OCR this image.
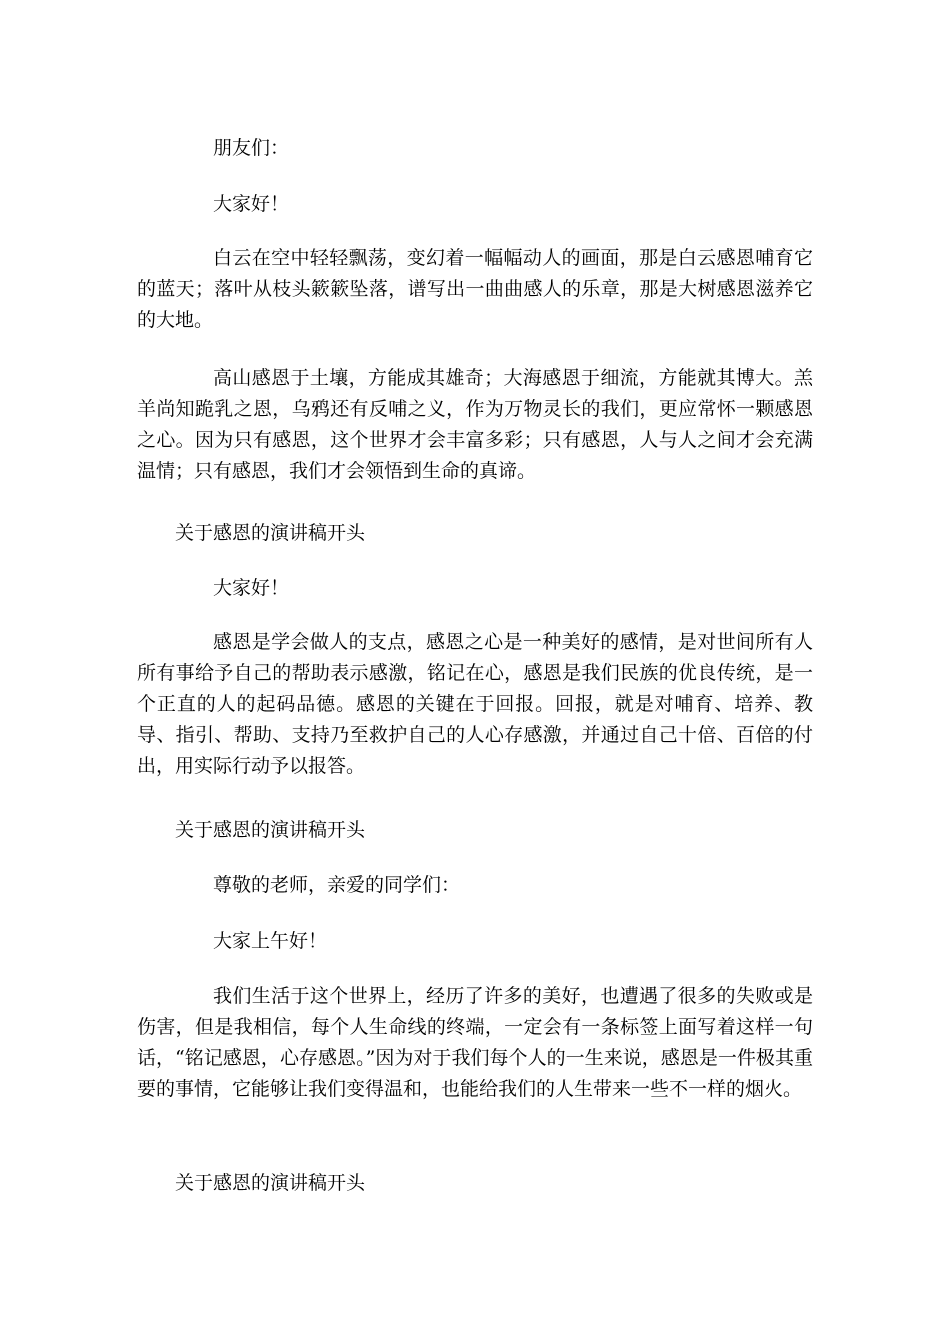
朋友们：

大家好！

白云在空中轻轻飘荡，变幻着一幅幅动人的画面，那是白云感恩哺育它的蓝天；落叶从枝头簌簌坠落，谱写出一曲曲感人的乐章，那是大树感恩滋养它的大地。

高山感恩于土壤，方能成其雄奇；大海感恩于细流，方能就其博大。羔羊尚知跪乳之恩，乌鸦还有反哺之义，作为万物灵长的我们，更应常怀一颗感恩之心。因为只有感恩，这个世界才会丰富多彩；只有感恩，人与人之间才会充满温情；只有感恩，我们才会领悟到生命的真谛。

关于感恩的演讲稿开头

大家好！

感恩是学会做人的支点，感恩之心是一种美好的感情，是对世间所有人所有事给予自己的帮助表示感激，铭记在心，感恩是我们民族的优良传统，是一个正直的人的起码品德。感恩的关键在于回报。回报，就是对哺育、培养、教导、指引、帮助、支持乃至救护自己的人心存感激，并通过自己十倍、百倍的付出，用实际行动予以报答。

关于感恩的演讲稿开头

尊敬的老师，亲爱的同学们：

大家上午好！

我们生活于这个世界上，经历了许多的美好，也遭遇了很多的失败或是伤害，但是我相信，每个人生命线的终端，一定会有一条标签上面写着这样一句话，“铭记感恩，心存感恩。”因为对于我们每个人的一生来说，感恩是一件极其重要的事情，它能够让我们变得温和，也能给我们的人生带来一些不一样的烟火。

关于感恩的演讲稿开头
